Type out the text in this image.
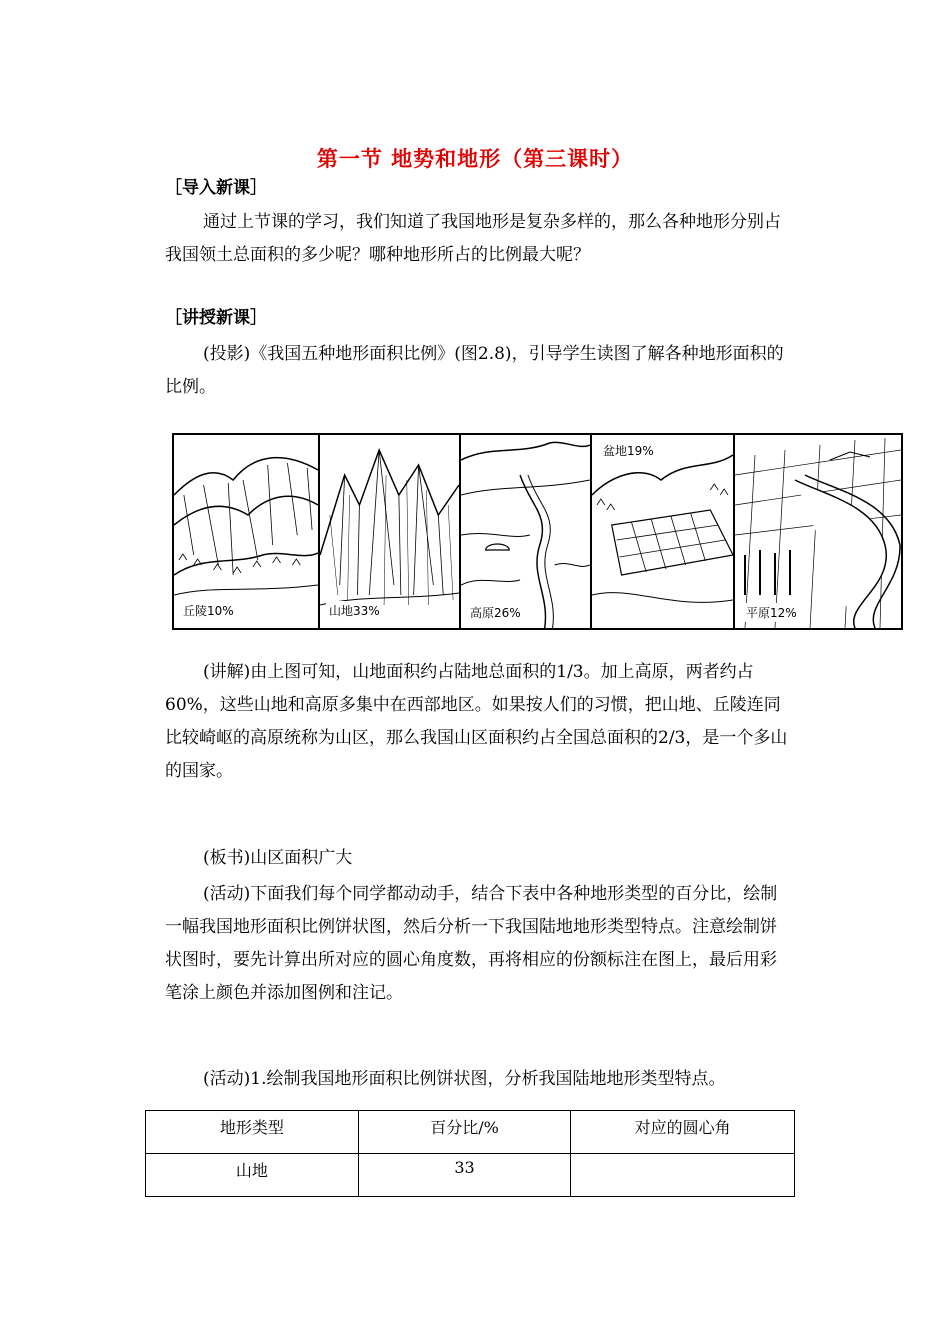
第一节 地势和地形（第三课时）
［导入新课］

通过上节课的学习，我们知道了我国地形是复杂多样的，那么各种地形分别占我国领土总面积的多少呢？哪种地形所占的比例最大呢？

［讲授新课］

(投影)《我国五种地形面积比例》(图2.8)，引导学生读图了解各种地形面积的比例。

丘陵10%	山地33%	高原26%
盆地19%
平原12%

(讲解)由上图可知，山地面积约占陆地总面积的1/3。加上高原，两者约占60%，这些山地和高原多集中在西部地区。如果按人们的习惯，把山地、丘陵连同比较崎岖的高原统称为山区，那么我国山区面积约占全国总面积的2/3，是一个多山的国家。

(板书)山区面积广大

(活动)下面我们每个同学都动动手，结合下表中各种地形类型的百分比，绘制一幅我国地形面积比例饼状图，然后分析一下我国陆地地形类型特点。注意绘制饼状图时，要先计算出所对应的圆心角度数，再将相应的份额标注在图上，最后用彩笔涂上颜色并添加图例和注记。

(活动)1.绘制我国地形面积比例饼状图，分析我国陆地地形类型特点。

地形类型	百分比/%	对应的圆心角
山地	33	
